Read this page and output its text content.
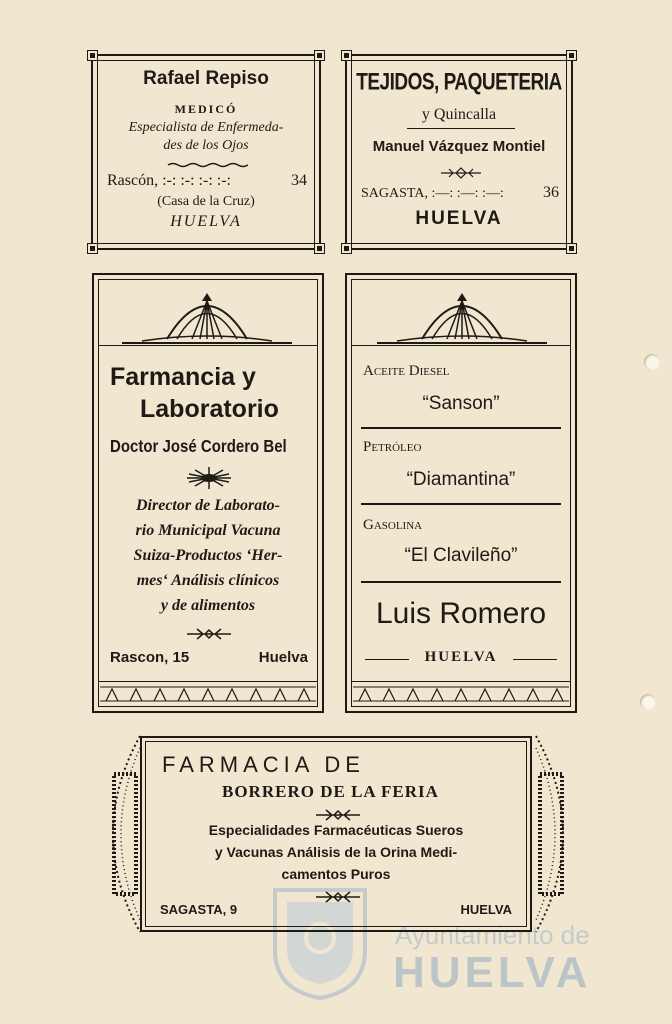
Ayuntamiento de
HUELVA
Rafael Repiso
MEDICÓ
Especialista de Enfermeda-
des de los Ojos
Rascón, :-: :-: :-: :-:	34
(Casa de la Cruz)
HUELVA
TEJIDOS, PAQUETERIA
y Quincalla
Manuel Vázquez Montiel
SAGASTA, :—: :—: :—: 36
HUELVA
Farmancia y
Laboratorio
Doctor José Cordero Bel
Director de Laborato-
rio Municipal Vacuna
Suiza-Productos ‘Her-
mes‘ Análisis clínicos
y de alimentos
Rascon, 15	Huelva
Aceite Diesel
“Sanson”
Petróleo
“Diamantina”
Gasolina
“El Clavileño”
Luis Romero
HUELVA
FARMACIA DE
BORRERO DE LA FERIA
Especialidades Farmacéuticas Sueros
y Vacunas Análisis de la Orina Medi-
camentos Puros
SAGASTA, 9	HUELVA
